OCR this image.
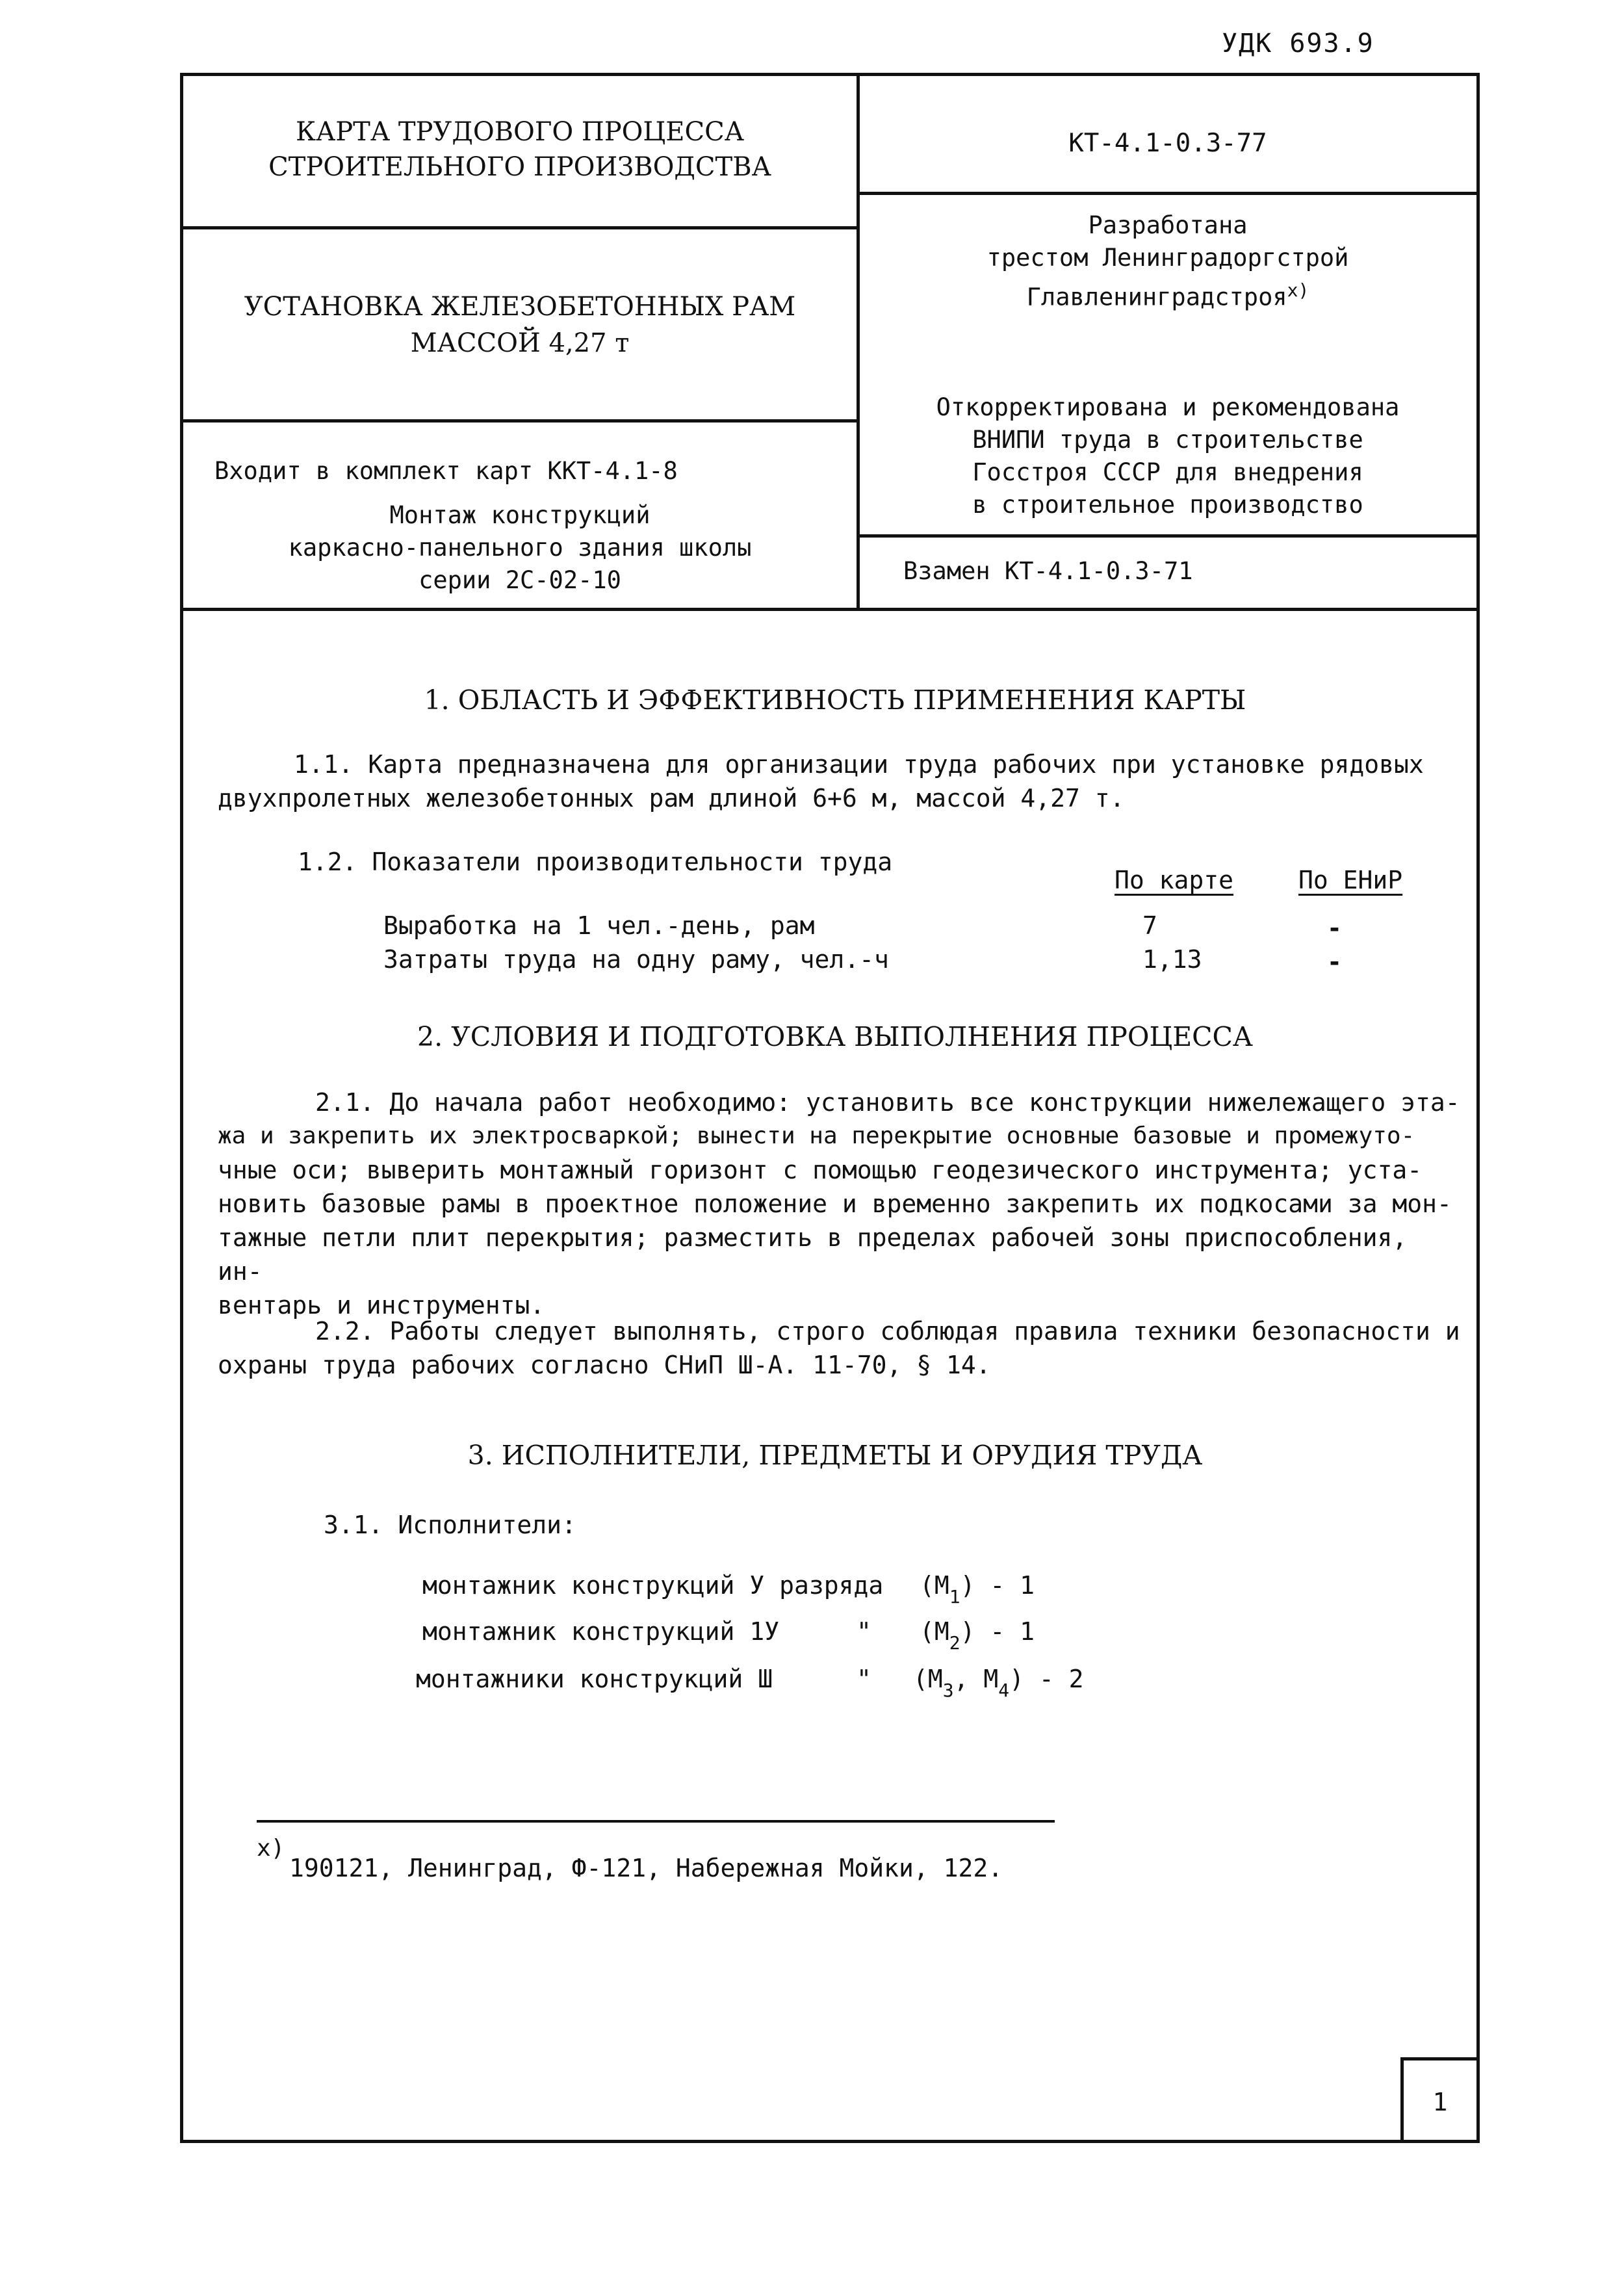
УДК 693.9
КАРТА ТРУДОВОГО ПРОЦЕССА
СТРОИТЕЛЬНОГО ПРОИЗВОДСТВА
КТ-4.1-0.3-77
УСТАНОВКА ЖЕЛЕЗОБЕТОННЫХ РАМ
МАССОЙ 4,27 т
Разработана
трестом Ленинградоргстрой
Главленинградстроя$^{x)}$
Откорректирована и рекомендована
ВНИПИ труда в строительстве
Госстроя СССР для внедрения
в строительное производство
Входит в комплект карт ККТ-4.1-8
Монтаж конструкций
каркасно-панельного здания школы
серии 2С-02-10	Взамен КТ-4.1-0.3-71
1. ОБЛАСТЬ И ЭФФЕКТИВНОСТЬ ПРИМЕНЕНИЯ КАРТЫ
1.1. Карта предназначена для организации труда рабочих при установке рядовых
двухпролетных железобетонных рам длиной 6+6 м, массой 4,27 т.
1.2. Показатели производительности труда
По карте	По ЕНиР
Выработка на 1 чел.-день, рам	7	-
Затраты труда на одну раму, чел.-ч	1,13	-
2. УСЛОВИЯ И ПОДГОТОВКА ВЫПОЛНЕНИЯ ПРОЦЕССА
2.1. До начала работ необходимо: установить все конструкции нижележащего эта-
жа и закрепить их электросваркой; вынести на перекрытие основные базовые и промежуто-
чные оси; выверить монтажный горизонт с помощью геодезического инструмента; уста-
новить базовые рамы в проектное положение и временно закрепить их подкосами за мон-
тажные петли плит перекрытия; разместить в пределах рабочей зоны приспособления, ин-
вентарь и инструменты.
2.2. Работы следует выполнять, строго соблюдая правила техники безопасности и
охраны труда рабочих согласно СНиП Ш-А. 11-70, § 14.
3. ИСПОЛНИТЕЛИ, ПРЕДМЕТЫ И ОРУДИЯ ТРУДА
3.1. Исполнители:
монтажник конструкций У разряда $(M_1) - 1$
монтажник конструкций 1У	" $(M_2) - 1$
монтажники конструкций Ш	" ($M_3$, $M_4) - 2$
x)
190121, Ленинград, Ф-121, Набережная Мойки, 122.
1
